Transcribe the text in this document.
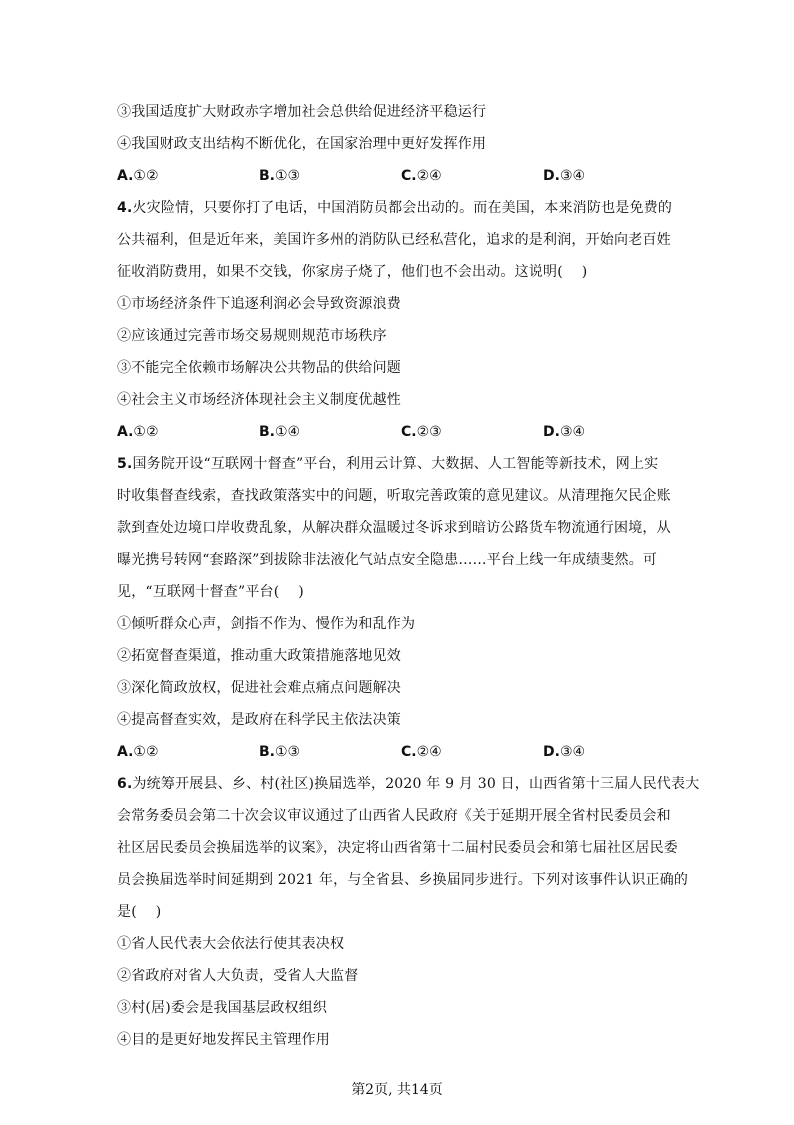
③我国适度扩大财政赤字增加社会总供给促进经济平稳运行
④我国财政支出结构不断优化，在国家治理中更好发挥作用
A.①②	B.①③	C.②④	D.③④
4.火灾险情，只要你打了电话，中国消防员都会出动的。而在美国，本来消防也是免费的
公共福利，但是近年来，美国许多州的消防队已经私营化，追求的是利润，开始向老百姓
征收消防费用，如果不交钱，你家房子烧了，他们也不会出动。这说明(　 )
①市场经济条件下追逐利润必会导致资源浪费
②应该通过完善市场交易规则规范市场秩序
③不能完全依赖市场解决公共物品的供给问题
④社会主义市场经济体现社会主义制度优越性
A.①②	B.①④	C.②③	D.③④
5.国务院开设“互联网十督查”平台，利用云计算、大数据、人工智能等新技术，网上实
时收集督查线索，查找政策落实中的问题，听取完善政策的意见建议。从清理拖欠民企账
款到查处边境口岸收费乱象，从解决群众温暖过冬诉求到暗访公路货车物流通行困境，从
曝光携号转网“套路深”到拔除非法液化气站点安全隐患……平台上线一年成绩斐然。可
见，“互联网十督查”平台(　 )
①倾听群众心声，剑指不作为、慢作为和乱作为
②拓宽督查渠道，推动重大政策措施落地见效
③深化简政放权，促进社会难点痛点问题解决
④提高督查实效，是政府在科学民主依法决策
A.①②	B.①③	C.②④	D.③④
6.为统筹开展县、乡、村(社区)换届选举，2020 年 9 月 30 日，山西省第十三届人民代表大
会常务委员会第二十次会议审议通过了山西省人民政府《关于延期开展全省村民委员会和
社区居民委员会换届选举的议案》，决定将山西省第十二届村民委员会和第七届社区居民委
员会换届选举时间延期到 2021 年，与全省县、乡换届同步进行。下列对该事件认识正确的
是(　 )
①省人民代表大会依法行使其表决权
②省政府对省人大负责，受省人大监督
③村(居)委会是我国基层政权组织
④目的是更好地发挥民主管理作用
第2页, 共14页
